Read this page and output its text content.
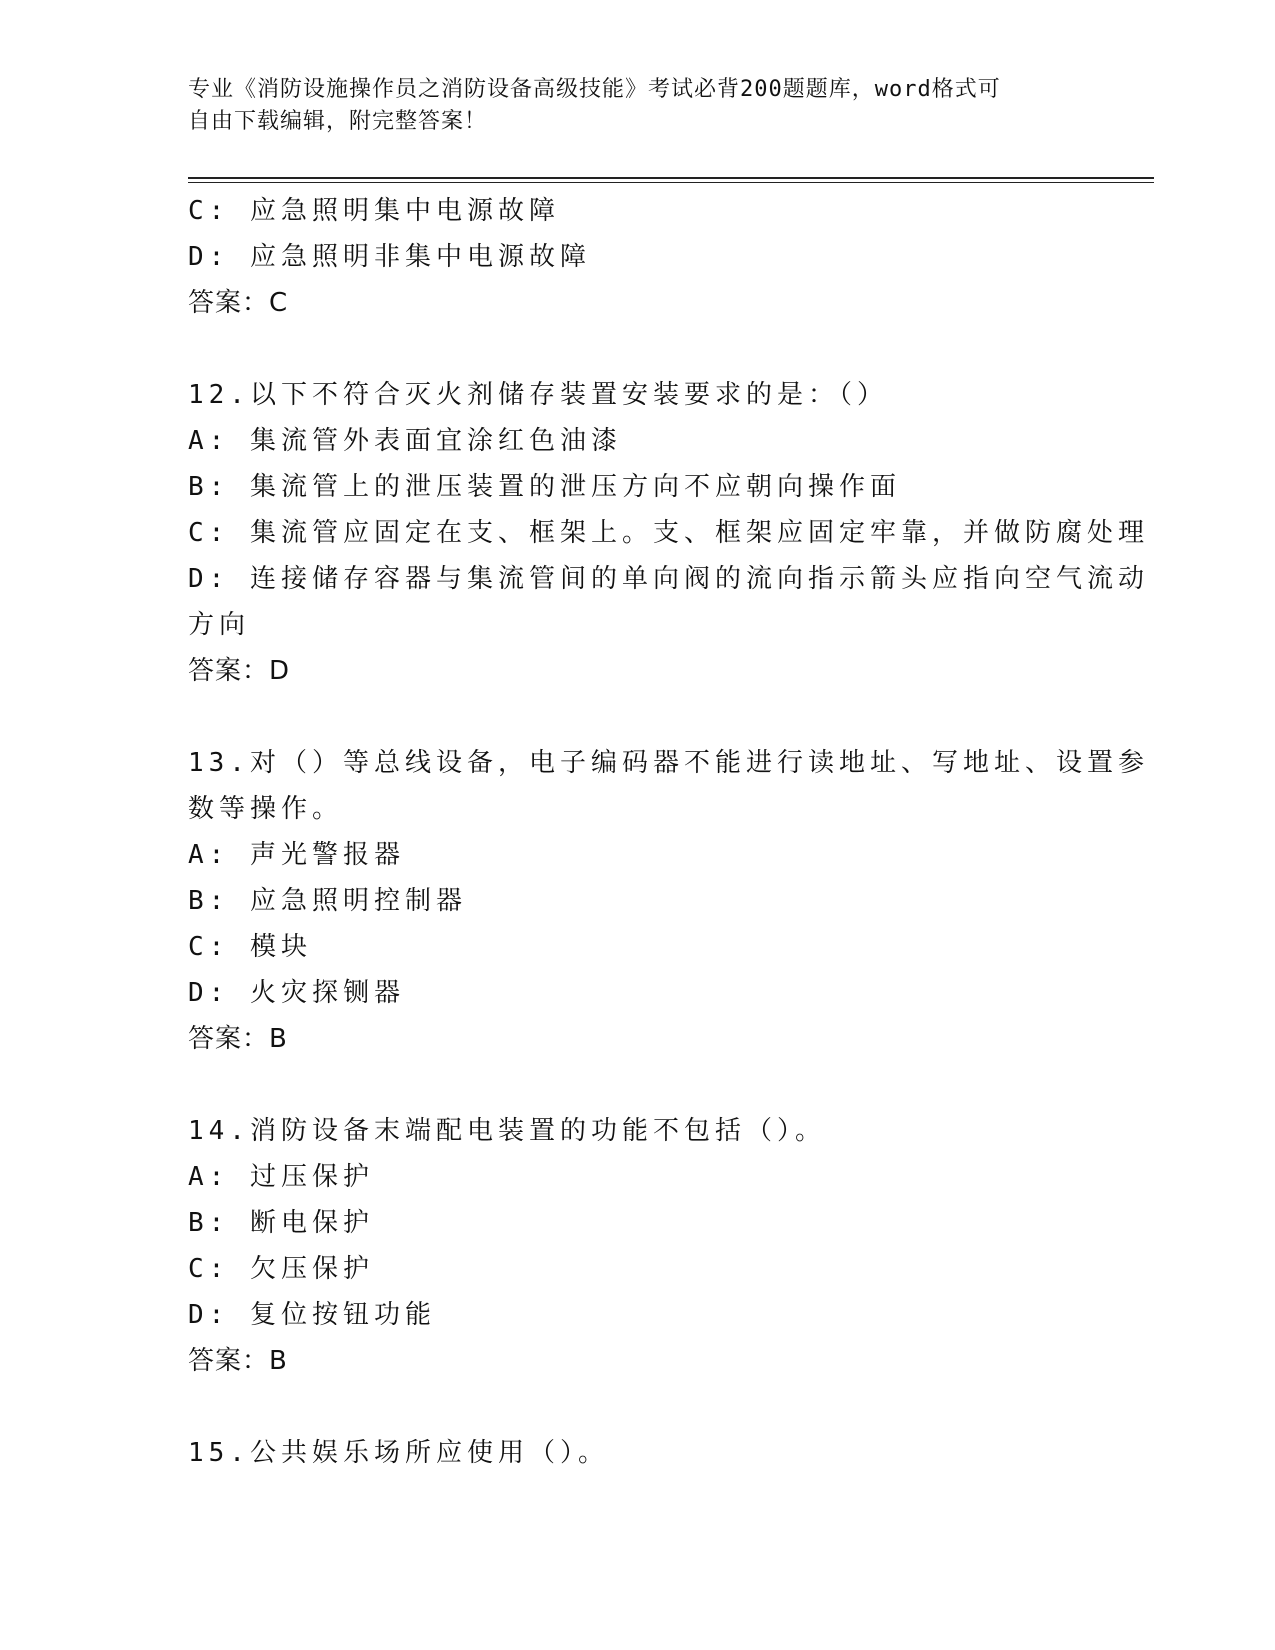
专业《消防设施操作员之消防设备高级技能》考试必背200题题库，word格式可
自由下载编辑，附完整答案！
C: 应急照明集中电源故障
D: 应急照明非集中电源故障
答案：C
12.以下不符合灭火剂储存装置安装要求的是：（）
A: 集流管外表面宜涂红色油漆
B: 集流管上的泄压装置的泄压方向不应朝向操作面
C: 集流管应固定在支、框架上。支、框架应固定牢靠，并做防腐处理
D: 连接储存容器与集流管间的单向阀的流向指示箭头应指向空气流动
方向
答案：D
13.对（）等总线设备，电子编码器不能进行读地址、写地址、设置参
数等操作。
A: 声光警报器
B: 应急照明控制器
C: 模块
D: 火灾探铡器
答案：B
14.消防设备末端配电装置的功能不包括（）。
A: 过压保护
B: 断电保护
C: 欠压保护
D: 复位按钮功能
答案：B
15.公共娱乐场所应使用（）。
